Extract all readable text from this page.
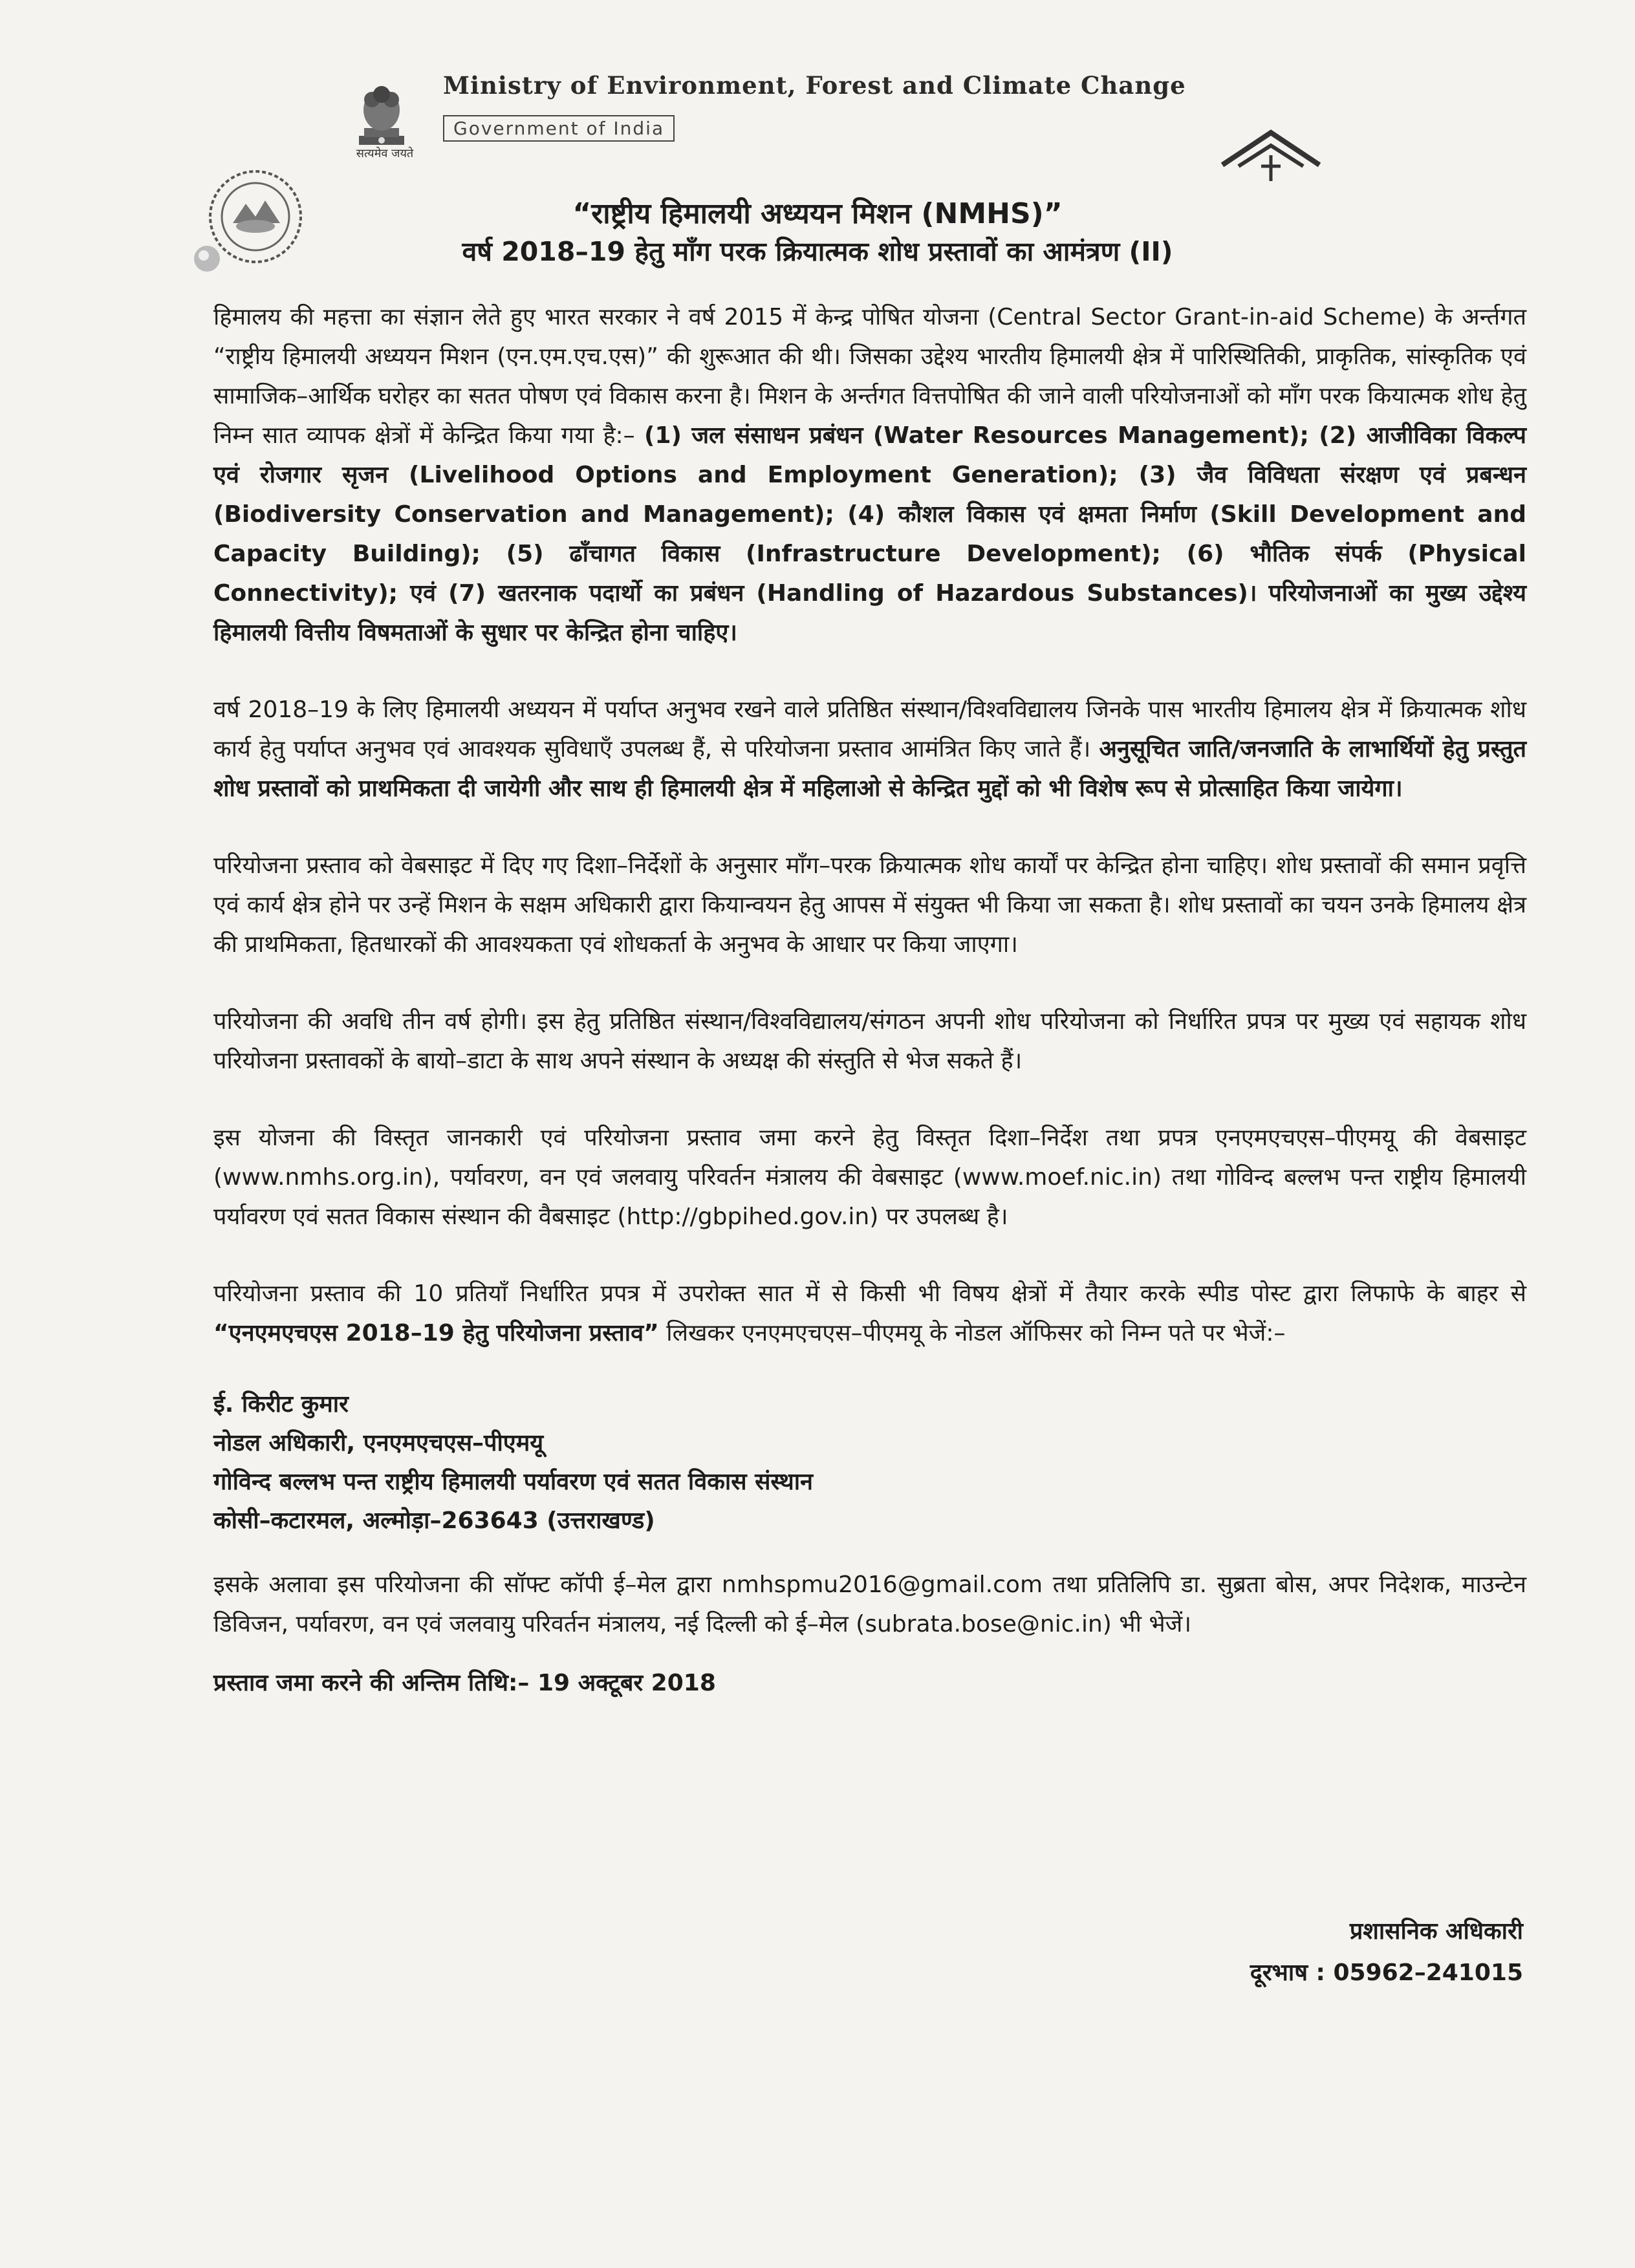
सत्यमेव जयते
Ministry of Environment, Forest and Climate Change
Government of India
“राष्ट्रीय हिमालयी अध्ययन मिशन (NMHS)”
वर्ष 2018–19 हेतु माँग परक क्रियात्मक शोध प्रस्तावों का आमंत्रण (II)

हिमालय की महत्ता का संज्ञान लेते हुए भारत सरकार ने वर्ष 2015 में केन्द्र पोषित योजना (Central Sector Grant-in-aid Scheme) के अर्न्तगत “राष्ट्रीय हिमालयी अध्ययन मिशन (एन.एम.एच.एस)” की शुरूआत की थी। जिसका उद्देश्य भारतीय हिमालयी क्षेत्र में पारिस्थितिकी, प्राकृतिक, सांस्कृतिक एवं सामाजिक–आर्थिक घरोहर का सतत पोषण एवं विकास करना है। मिशन के अर्न्तगत वित्तपोषित की जाने वाली परियोजनाओं को माँग परक कियात्मक शोध हेतु निम्न सात व्यापक क्षेत्रों में केन्द्रित किया गया है:– (1) जल संसाधन प्रबंधन (Water Resources Management); (2) आजीविका विकल्प एवं रोजगार सृजन (Livelihood Options and Employment Generation); (3) जैव विविधता संरक्षण एवं प्रबन्धन (Biodiversity Conservation and Management); (4) कौशल विकास एवं क्षमता निर्माण (Skill Development and Capacity Building); (5) ढाँचागत विकास (Infrastructure Development); (6) भौतिक संपर्क (Physical Connectivity); एवं (7) खतरनाक पदार्थो का प्रबंधन (Handling of Hazardous Substances)। परियोजनाओं का मुख्य उद्देश्य हिमालयी वित्तीय विषमताओं के सुधार पर केन्द्रित होना चाहिए।

वर्ष 2018–19 के लिए हिमालयी अध्ययन में पर्याप्त अनुभव रखने वाले प्रतिष्ठित संस्थान/विश्वविद्यालय जिनके पास भारतीय हिमालय क्षेत्र में क्रियात्मक शोध कार्य हेतु पर्याप्त अनुभव एवं आवश्यक सुविधाएँ उपलब्ध हैं, से परियोजना प्रस्ताव आमंत्रित किए जाते हैं। अनुसूचित जाति/जनजाति के लाभार्थियों हेतु प्रस्तुत शोध प्रस्तावों को प्राथमिकता दी जायेगी और साथ ही हिमालयी क्षेत्र में महिलाओ से केन्द्रित मुद्दों को भी विशेष रूप से प्रोत्साहित किया जायेगा।

परियोजना प्रस्ताव को वेबसाइट में दिए गए दिशा–निर्देशों के अनुसार माँग–परक क्रियात्मक शोध कार्यों पर केन्द्रित होना चाहिए। शोध प्रस्तावों की समान प्रवृत्ति एवं कार्य क्षेत्र होने पर उन्हें मिशन के सक्षम अधिकारी द्वारा कियान्वयन हेतु आपस में संयुक्त भी किया जा सकता है। शोध प्रस्तावों का चयन उनके हिमालय क्षेत्र की प्राथमिकता, हितधारकों की आवश्यकता एवं शोधकर्ता के अनुभव के आधार पर किया जाएगा।

परियोजना की अवधि तीन वर्ष होगी। इस हेतु प्रतिष्ठित संस्थान/विश्वविद्यालय/संगठन अपनी शोध परियोजना को निर्धारित प्रपत्र पर मुख्य एवं सहायक शोध परियोजना प्रस्तावकों के बायो–डाटा के साथ अपने संस्थान के अध्यक्ष की संस्तुति से भेज सकते हैं।

इस योजना की विस्तृत जानकारी एवं परियोजना प्रस्ताव जमा करने हेतु विस्तृत दिशा–निर्देश तथा प्रपत्र एनएमएचएस–पीएमयू की वेबसाइट (www.nmhs.org.in), पर्यावरण, वन एवं जलवायु परिवर्तन मंत्रालय की वेबसाइट (www.moef.nic.in) तथा गोविन्द बल्लभ पन्त राष्ट्रीय हिमालयी पर्यावरण एवं सतत विकास संस्थान की वैबसाइट (http://gbpihed.gov.in) पर उपलब्ध है।

परियोजना प्रस्ताव की 10 प्रतियाँ निर्धारित प्रपत्र में उपरोक्त सात में से किसी भी विषय क्षेत्रों में तैयार करके स्पीड पोस्ट द्वारा लिफाफे के बाहर से “एनएमएचएस 2018–19 हेतु परियोजना प्रस्ताव” लिखकर एनएमएचएस–पीएमयू के नोडल ऑफिसर को निम्न पते पर भेजें:–

ई. किरीट कुमार
नोडल अधिकारी, एनएमएचएस–पीएमयू
गोविन्द बल्लभ पन्त राष्ट्रीय हिमालयी पर्यावरण एवं सतत विकास संस्थान
कोसी–कटारमल, अल्मोड़ा–263643 (उत्तराखण्ड)

इसके अलावा इस परियोजना की सॉफ्ट कॉपी ई–मेल द्वारा nmhspmu2016@gmail.com तथा प्रतिलिपि डा. सुब्रता बोस, अपर निदेशक, माउन्टेन डिविजन, पर्यावरण, वन एवं जलवायु परिवर्तन मंत्रालय, नई दिल्ली को ई–मेल (subrata.bose@nic.in) भी भेजें।

प्रस्ताव जमा करने की अन्तिम तिथि:– 19 अक्टूबर 2018
प्रशासनिक अधिकारी
दूरभाष : 05962–241015
